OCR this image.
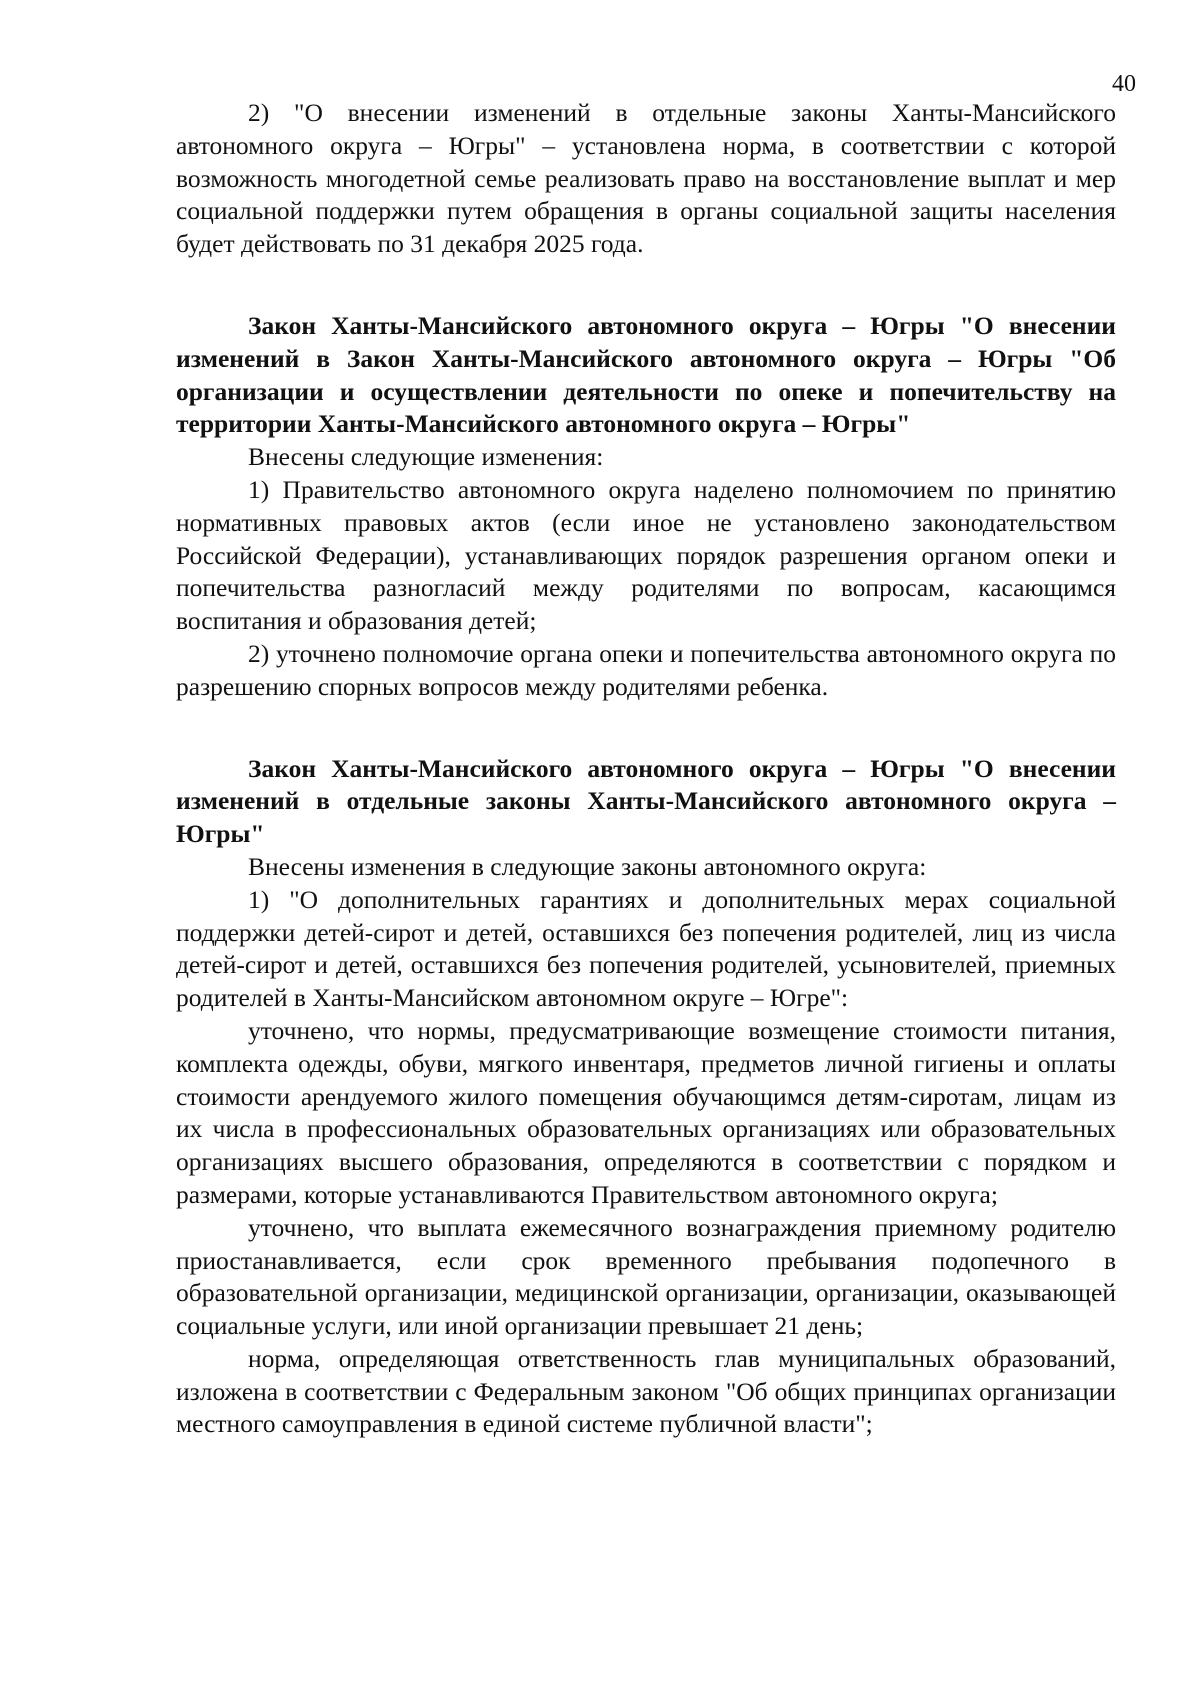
40

2) "О внесении изменений в отдельные законы Ханты-Мансийского автономного округа – Югры" – установлена норма, в соответствии с которой возможность многодетной семье реализовать право на восстановление выплат и мер социальной поддержки путем обращения в органы социальной защиты населения будет действовать по 31 декабря 2025 года.

Закон Ханты-Мансийского автономного округа – Югры "О внесении изменений в Закон Ханты-Мансийского автономного округа – Югры "Об организации и осуществлении деятельности по опеке и попечительству на территории Ханты-Мансийского автономного округа – Югры"

Внесены следующие изменения:

1) Правительство автономного округа наделено полномочием по принятию нормативных правовых актов (если иное не установлено законодательством Российской Федерации), устанавливающих порядок разрешения органом опеки и попечительства разногласий между родителями по вопросам, касающимся воспитания и образования детей;

2) уточнено полномочие органа опеки и попечительства автономного округа по разрешению спорных вопросов между родителями ребенка.

Закон Ханты-Мансийского автономного округа – Югры "О внесении изменений в отдельные законы Ханты-Мансийского автономного округа – Югры"

Внесены изменения в следующие законы автономного округа:

1) "О дополнительных гарантиях и дополнительных мерах социальной поддержки детей-сирот и детей, оставшихся без попечения родителей, лиц из числа детей-сирот и детей, оставшихся без попечения родителей, усыновителей, приемных родителей в Ханты-Мансийском автономном округе – Югре":

уточнено, что нормы, предусматривающие возмещение стоимости питания, комплекта одежды, обуви, мягкого инвентаря, предметов личной гигиены и оплаты стоимости арендуемого жилого помещения обучающимся детям-сиротам, лицам из их числа в профессиональных образовательных организациях или образовательных организациях высшего образования, определяются в соответствии с порядком и размерами, которые устанавливаются Правительством автономного округа;

уточнено, что выплата ежемесячного вознаграждения приемному родителю приостанавливается, если срок временного пребывания подопечного в образовательной организации, медицинской организации, организации, оказывающей социальные услуги, или иной организации превышает 21 день;

норма, определяющая ответственность глав муниципальных образований, изложена в соответствии с Федеральным законом "Об общих принципах организации местного самоуправления в единой системе публичной власти";
